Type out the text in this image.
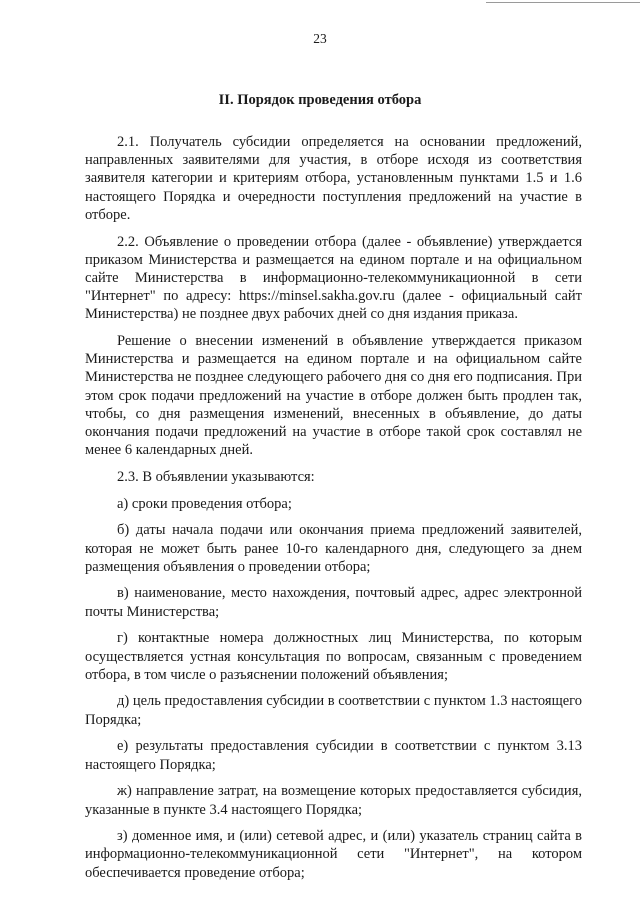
23
II. Порядок проведения отбора

2.1. Получатель субсидии определяется на основании предложений, направленных заявителями для участия, в отборе исходя из соответствия заявителя категории и критериям отбора, установленным пунктами 1.5 и 1.6 настоящего Порядка и очередности поступления предложений на участие в отборе.

2.2. Объявление о проведении отбора (далее - объявление) утверждается приказом Министерства и размещается на едином портале и на официальном сайте Министерства в информационно-телекоммуникационной в сети "Интернет" по адресу: https://minsel.sakha.gov.ru (далее - официальный сайт Министерства) не позднее двух рабочих дней со дня издания приказа.

Решение о внесении изменений в объявление утверждается приказом Министерства и размещается на едином портале и на официальном сайте Министерства не позднее следующего рабочего дня со дня его подписания. При этом срок подачи предложений на участие в отборе должен быть продлен так, чтобы, со дня размещения изменений, внесенных в объявление, до даты окончания подачи предложений на участие в отборе такой срок составлял не менее 6 календарных дней.

2.3. В объявлении указываются:

а) сроки проведения отбора;

б) даты начала подачи или окончания приема предложений заявителей, которая не может быть ранее 10-го календарного дня, следующего за днем размещения объявления о проведении отбора;

в) наименование, место нахождения, почтовый адрес, адрес электронной почты Министерства;

г) контактные номера должностных лиц Министерства, по которым осуществляется устная консультация по вопросам, связанным с проведением отбора, в том числе о разъяснении положений объявления;

д) цель предоставления субсидии в соответствии с пунктом 1.3 настоящего Порядка;

е) результаты предоставления субсидии в соответствии с пунктом 3.13 настоящего Порядка;

ж) направление затрат, на возмещение которых предоставляется субсидия, указанные в пункте 3.4 настоящего Порядка;

з) доменное имя, и (или) сетевой адрес, и (или) указатель страниц сайта в информационно-телекоммуникационной сети "Интернет", на котором обеспечивается проведение отбора;
